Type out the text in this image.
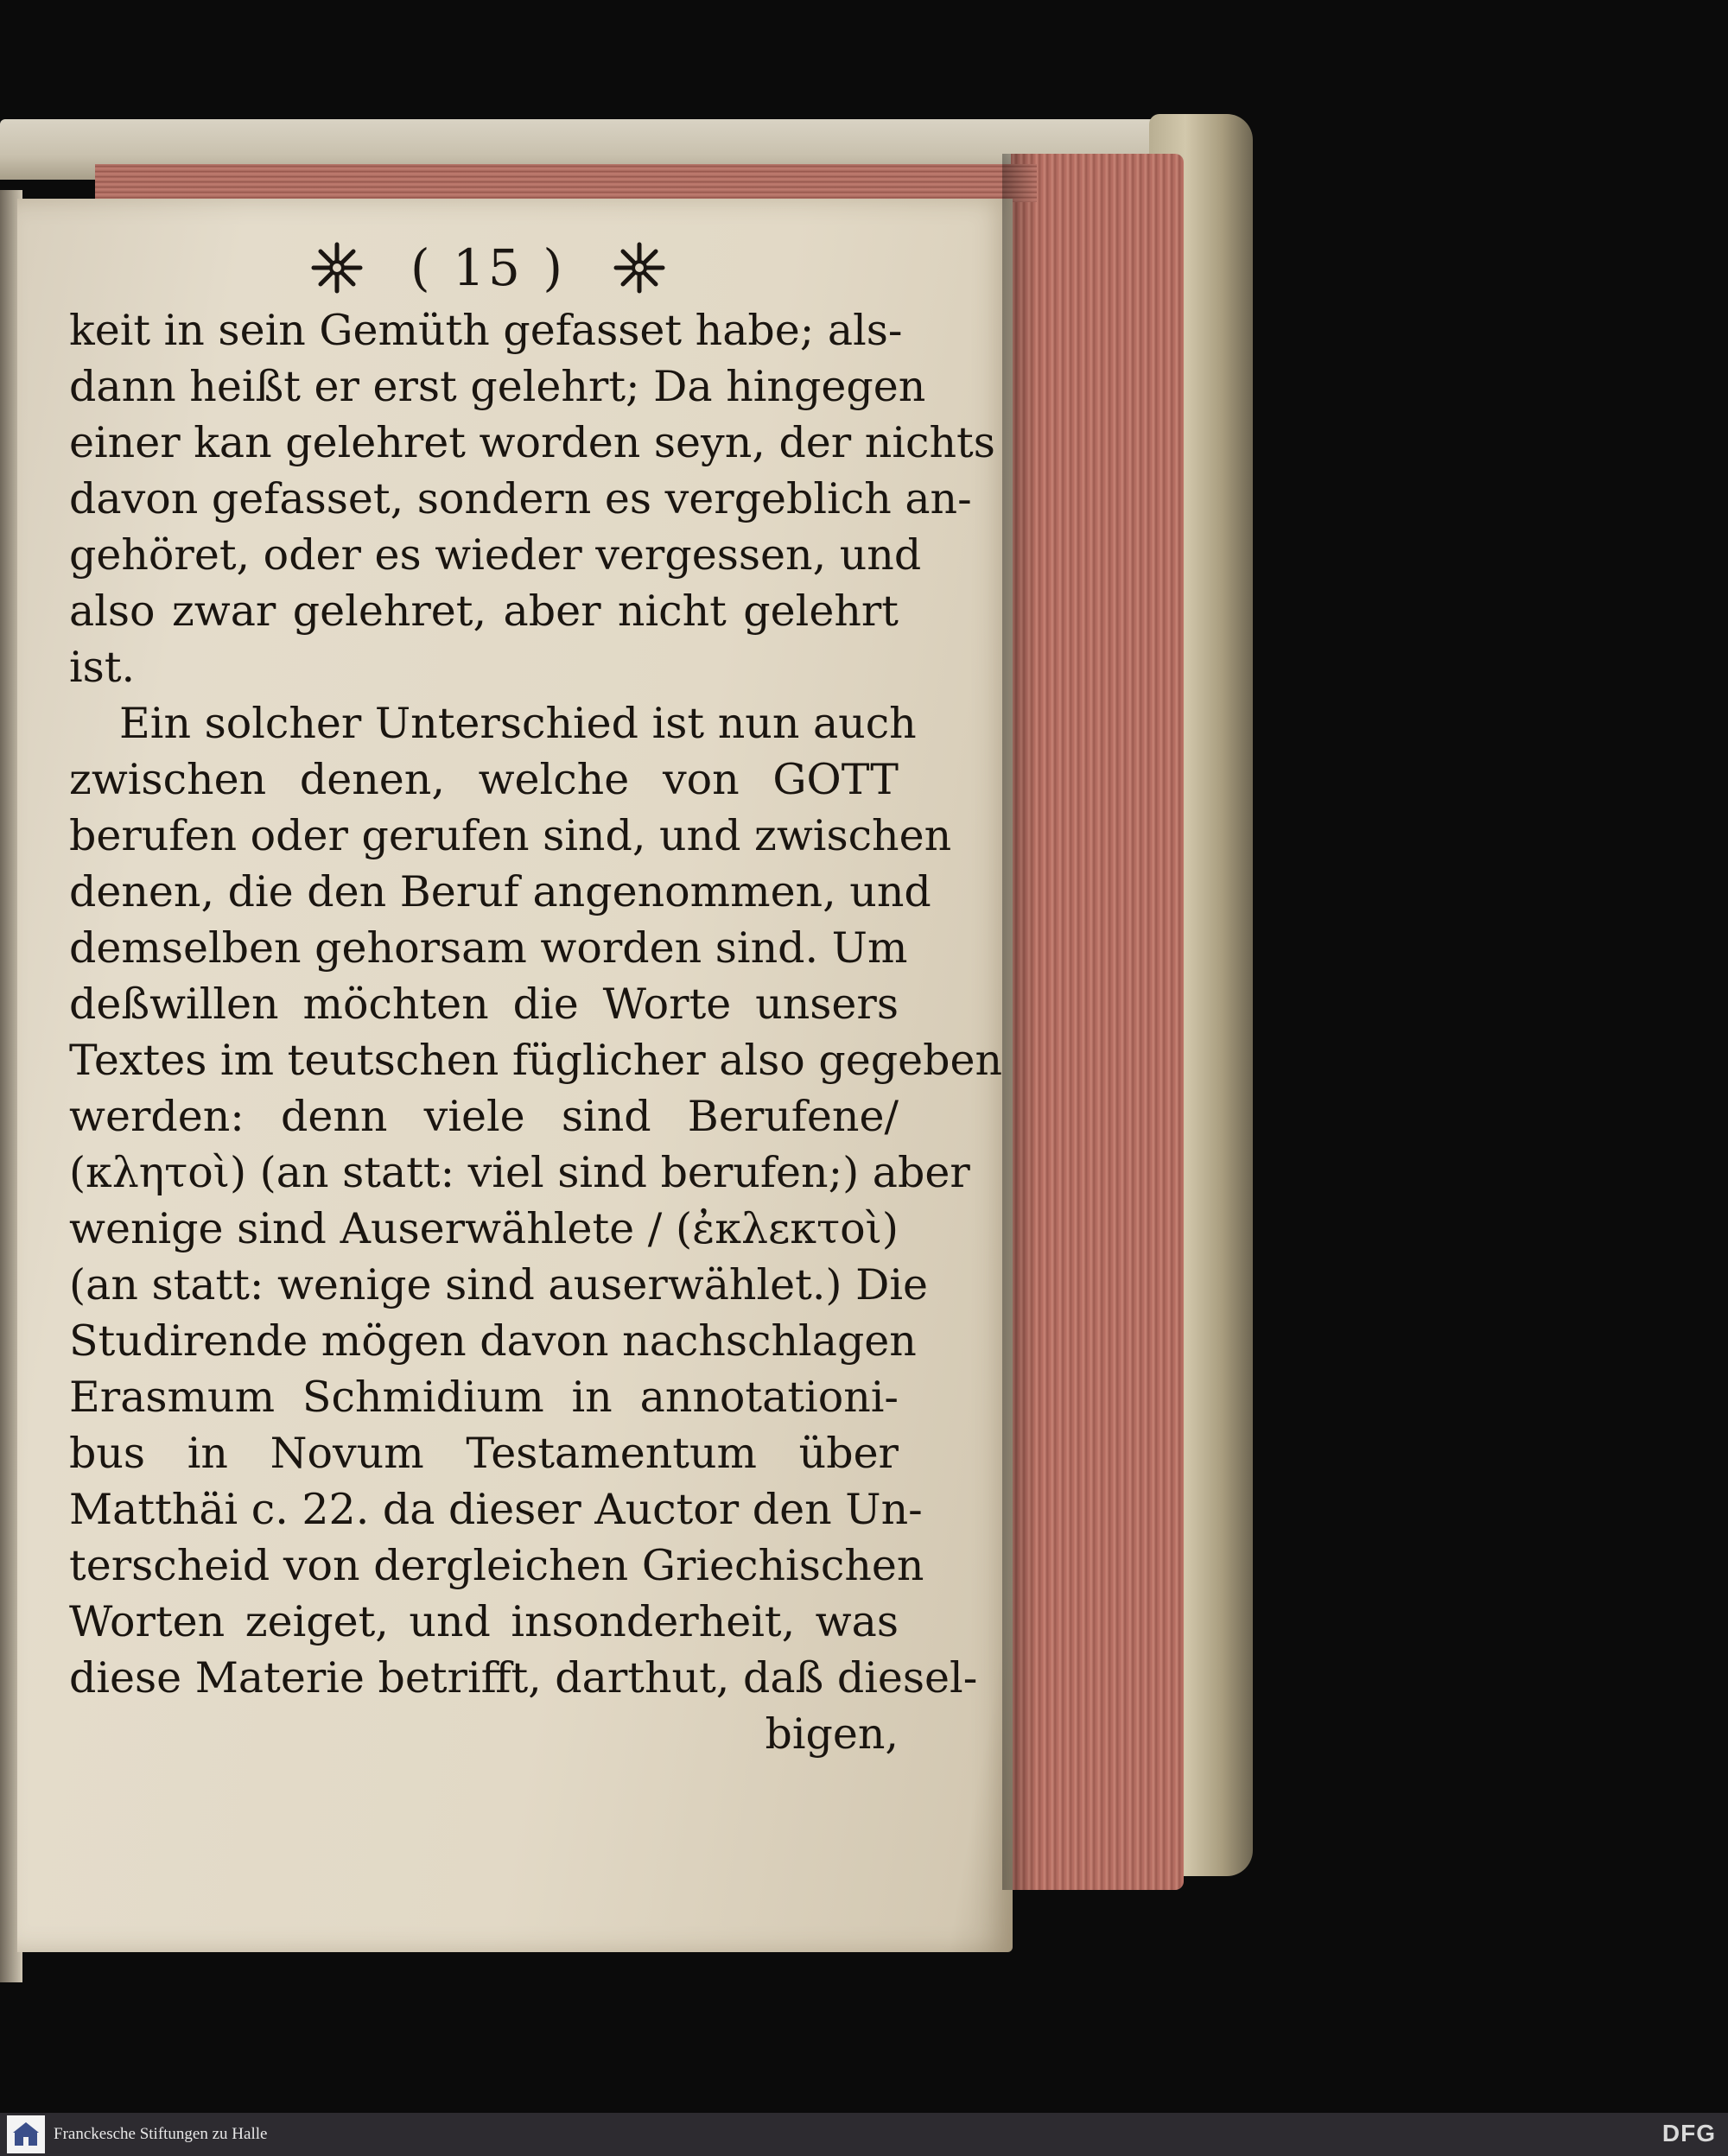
( 15 )
keit in sein Gemüth gefasset habe; als-
dann heißt er erst gelehrt; Da hingegen
einer kan gelehret worden seyn, der nichts
davon gefasset, sondern es vergeblich an-
gehöret, oder es wieder vergessen, und
also zwar gelehret, aber nicht gelehrt
ist.
Ein solcher Unterschied ist nun auch
zwischen denen, welche von GOTT
berufen oder gerufen sind, und zwischen
denen, die den Beruf angenommen, und
demselben gehorsam worden sind. Um
deßwillen möchten die Worte unsers
Textes im teutschen füglicher also gegeben
werden: denn viele sind Berufene/
(κλητοὶ) (an statt: viel sind berufen;) aber
wenige sind Auserwählete / (ἐκλεκτοὶ)
(an statt: wenige sind auserwählet.) Die
Studirende mögen davon nachschlagen
Erasmum Schmidium in annotationi-
bus in Novum Testamentum über
Matthäi c. 22. da dieser Auctor den Un-
terscheid von dergleichen Griechischen
Worten zeiget, und insonderheit, was
diese Materie betrifft, darthut, daß diesel-
bigen,
Franckesche Stiftungen zu Halle	DFG
